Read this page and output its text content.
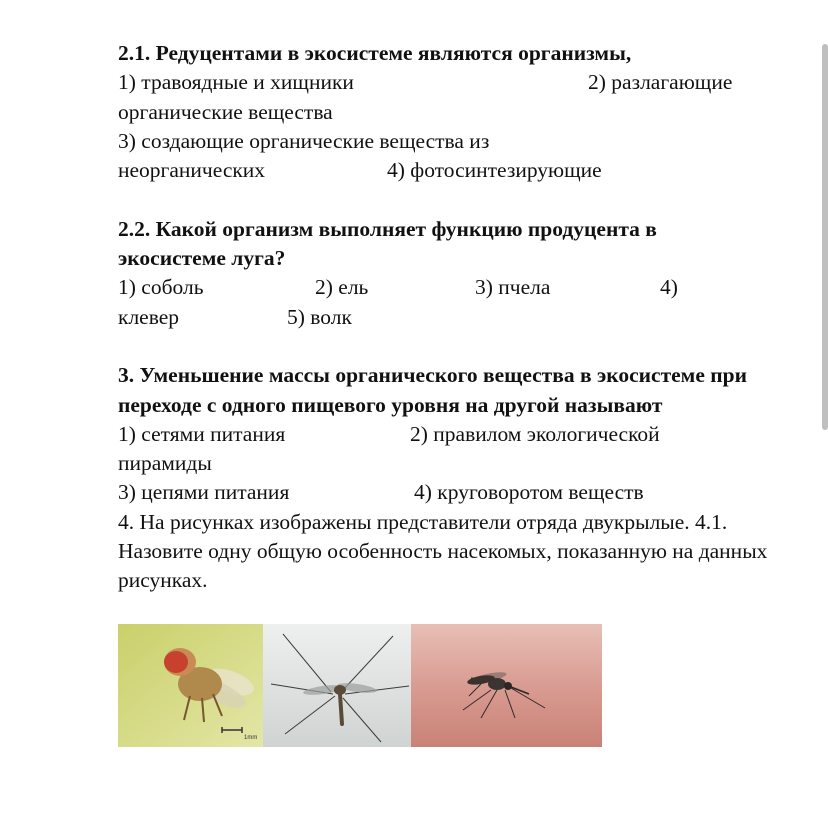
2.1. Редуцентами в экосистеме являются организмы,

1) травоядные и хищники	2) разлагающие

органические вещества

3) создающие органические вещества из

неорганических	4) фотосинтезирующие

2.2. Какой организм выполняет функцию продуцента в экосистеме луга?

1) соболь	2) ель	3) пчела	4)
клевер	5) волк

3. Уменьшение массы органического вещества в экосистеме при переходе с одного пищевого уровня на другой называют

1) сетями питания	2) правилом экологической

пирамиды

3) цепями питания	4) круговоротом веществ

4. На рисунках изображены представители отряда двукрылые. 4.1. Назовите одну общую особенность насекомых, показанную на данных рисунках.

1mm
